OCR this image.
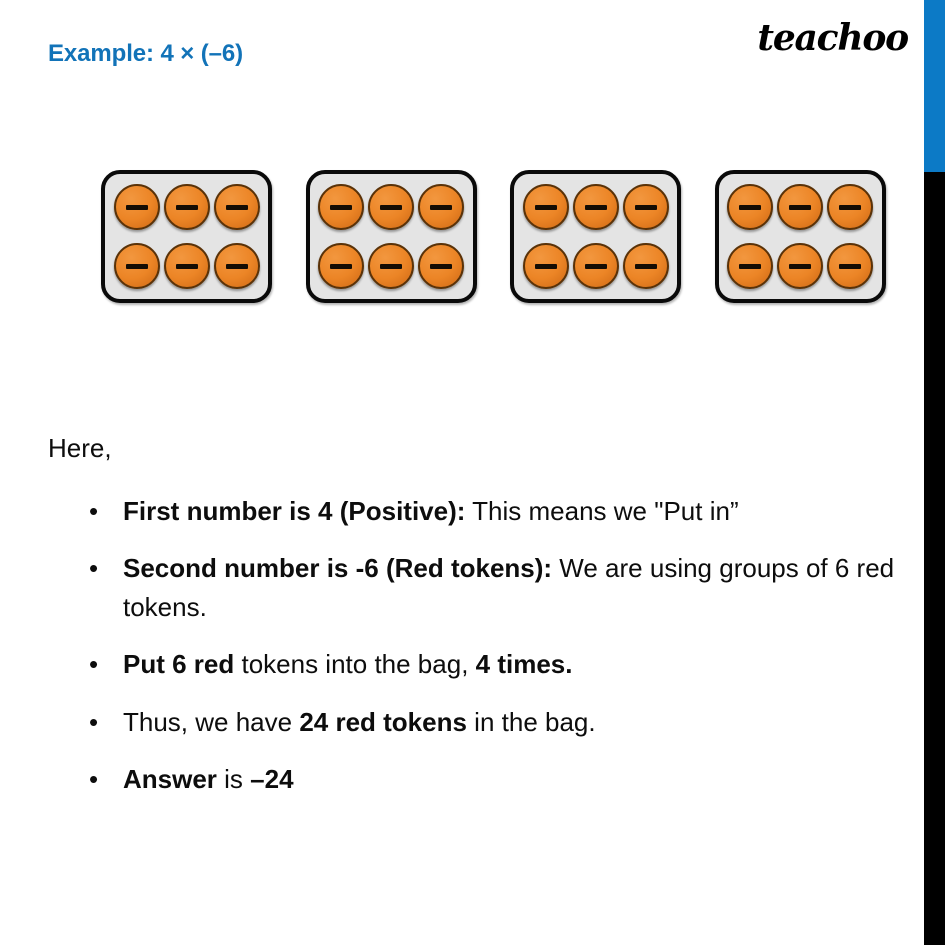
Example: 4 × (–6)	teachoo
Here,
• First number is 4 (Positive): This means we "Put in”
• Second number is -6 (Red tokens): We are using groups of 6 red tokens.
• Put 6 red tokens into the bag, 4 times.
• Thus, we have 24 red tokens in the bag.
• Answer is –24
